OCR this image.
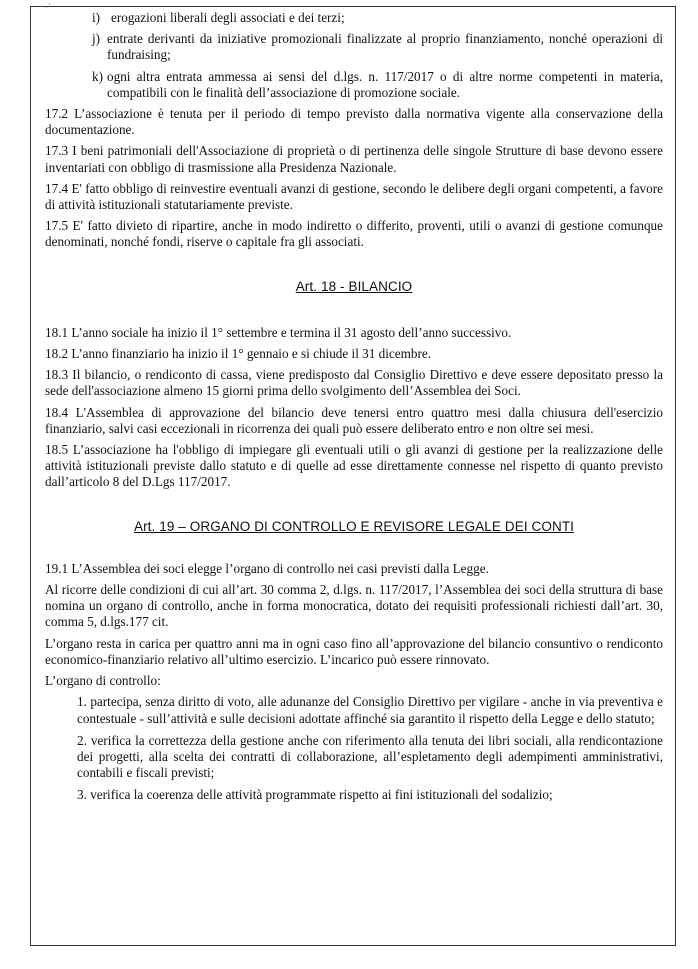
·´
i) erogazioni liberali degli associati e dei terzi;
j) entrate derivanti da iniziative promozionali finalizzate al proprio finanziamento, nonché operazioni di fundraising;
k) ogni altra entrata ammessa ai sensi del d.lgs. n. 117/2017 o di altre norme competenti in materia, compatibili con le finalità dell’associazione di promozione sociale.

17.2 L’associazione è tenuta per il periodo di tempo previsto dalla normativa vigente alla conservazione della documentazione.

17.3 I beni patrimoniali dell'Associazione di proprietà o di pertinenza delle singole Strutture di base devono essere inventariati con obbligo di trasmissione alla Presidenza Nazionale.

17.4 E' fatto obbligo di reinvestire eventuali avanzi di gestione, secondo le delibere degli organi competenti, a favore di attività istituzionali statutariamente previste.

17.5 E' fatto divieto di ripartire, anche in modo indiretto o differito, proventi, utili o avanzi di gestione comunque denominati, nonché fondi, riserve o capitale fra gli associati.

Art. 18 - BILANCIO

18.1 L’anno sociale ha inizio il 1° settembre e termina il 31 agosto dell’anno successivo.

18.2 L’anno finanziario ha inizio il 1° gennaio e si chiude il 31 dicembre.

18.3 Il bilancio, o rendiconto di cassa, viene predisposto dal Consiglio Direttivo e deve essere depositato presso la sede dell'associazione almeno 15 giorni prima dello svolgimento dell’Assemblea dei Soci.

18.4 L'Assemblea di approvazione del bilancio deve tenersi entro quattro mesi dalla chiusura dell'esercizio finanziario, salvi casi eccezionali in ricorrenza dei quali può essere deliberato entro e non oltre sei mesi.

18.5 L’associazione ha l'obbligo di impiegare gli eventuali utili o gli avanzi di gestione per la realizzazione delle attività istituzionali previste dallo statuto e di quelle ad esse direttamente connesse nel rispetto di quanto previsto dall’articolo 8 del D.Lgs 117/2017.

Art. 19 – ORGANO DI CONTROLLO E REVISORE LEGALE DEI CONTI

19.1 L’Assemblea dei soci elegge l’organo di controllo nei casi previsti dalla Legge.

Al ricorre delle condizioni di cui all’art. 30 comma 2, d.lgs. n. 117/2017, l’Assemblea dei soci della struttura di base nomina un organo di controllo, anche in forma monocratica, dotato dei requisiti professionali richiesti dall’art. 30, comma 5, d.lgs.177 cit.

L’organo resta in carica per quattro anni ma in ogni caso fino all’approvazione del bilancio consuntivo o rendiconto economico-finanziario relativo all’ultimo esercizio. L’incarico può essere rinnovato.

L’organo di controllo:

1. partecipa, senza diritto di voto, alle adunanze del Consiglio Direttivo per vigilare - anche in via preventiva e contestuale - sull’attività e sulle decisioni adottate affinché sia garantito il rispetto della Legge e dello statuto;

2. verifica la correttezza della gestione anche con riferimento alla tenuta dei libri sociali, alla rendicontazione dei progetti, alla scelta dei contratti di collaborazione, all’espletamento degli adempimenti amministrativi, contabili e fiscali previsti;

3. verifica la coerenza delle attività programmate rispetto ai fini istituzionali del sodalizio;
